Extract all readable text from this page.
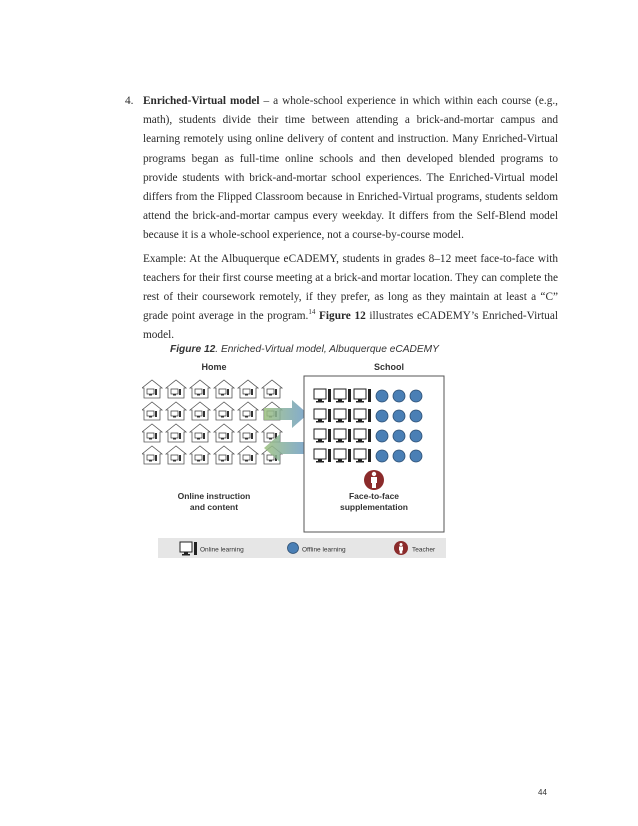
4. Enriched-Virtual model – a whole-school experience in which within each course (e.g., math), students divide their time between attending a brick-and-mortar campus and learning remotely using online delivery of content and instruction. Many Enriched-Virtual programs began as full-time online schools and then developed blended programs to provide students with brick-and-mortar school experiences. The Enriched-Virtual model differs from the Flipped Classroom because in Enriched-Virtual programs, students seldom attend the brick-and-mortar campus every weekday. It differs from the Self-Blend model because it is a whole-school experience, not a course-by-course model.

Example: At the Albuquerque eCADEMY, students in grades 8–12 meet face-to-face with teachers for their first course meeting at a brick-and mortar location. They can complete the rest of their coursework remotely, if they prefer, as long as they maintain at least a “C” grade point average in the program.$^{14}$ Figure 12 illustrates eCADEMY’s Enriched-Virtual model.

Figure 12. Enriched-Virtual model, Albuquerque eCADEMY
Home	School
Online instruction
and content
Face-to-face
supplementation
Online learning	Offline learning	Teacher
44
